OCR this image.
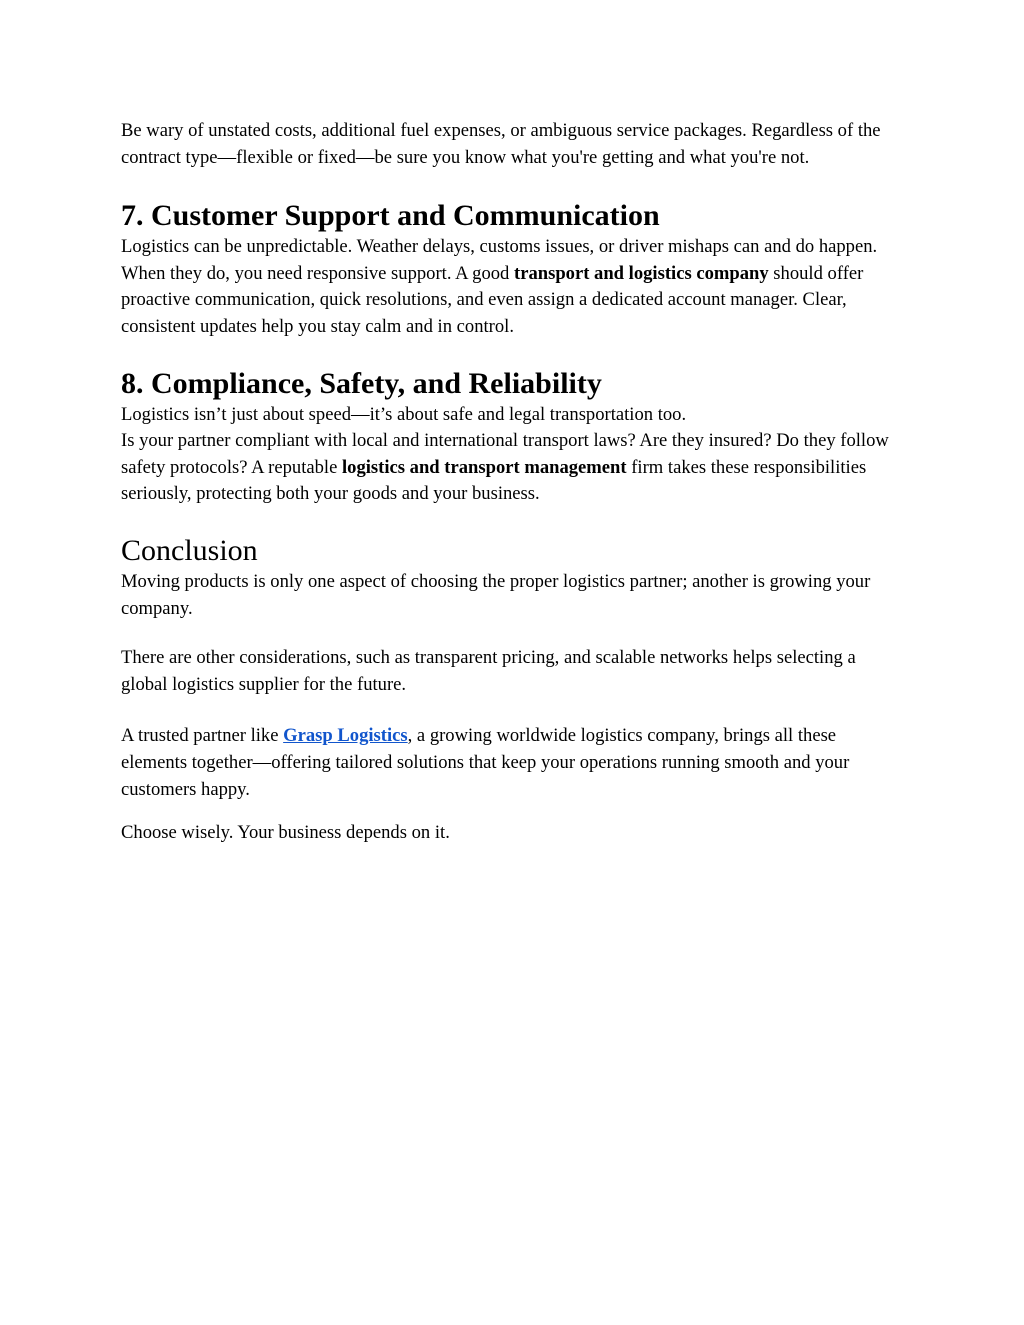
Be wary of unstated costs, additional fuel expenses, or ambiguous service packages. Regardless of the contract type—flexible or fixed—be sure you know what you're getting and what you're not.

7. Customer Support and Communication

Logistics can be unpredictable. Weather delays, customs issues, or driver mishaps can and do happen.

When they do, you need responsive support. A good transport and logistics company should offer proactive communication, quick resolutions, and even assign a dedicated account manager. Clear, consistent updates help you stay calm and in control.

8. Compliance, Safety, and Reliability

Logistics isn’t just about speed—it’s about safe and legal transportation too.

Is your partner compliant with local and international transport laws? Are they insured? Do they follow safety protocols? A reputable logistics and transport management firm takes these responsibilities seriously, protecting both your goods and your business.

Conclusion

Moving products is only one aspect of choosing the proper logistics partner; another is growing your company.

There are other considerations, such as transparent pricing, and scalable networks helps selecting a global logistics supplier for the future.

A trusted partner like Grasp Logistics, a growing worldwide logistics company, brings all these elements together—offering tailored solutions that keep your operations running smooth and your customers happy.

Choose wisely. Your business depends on it.
